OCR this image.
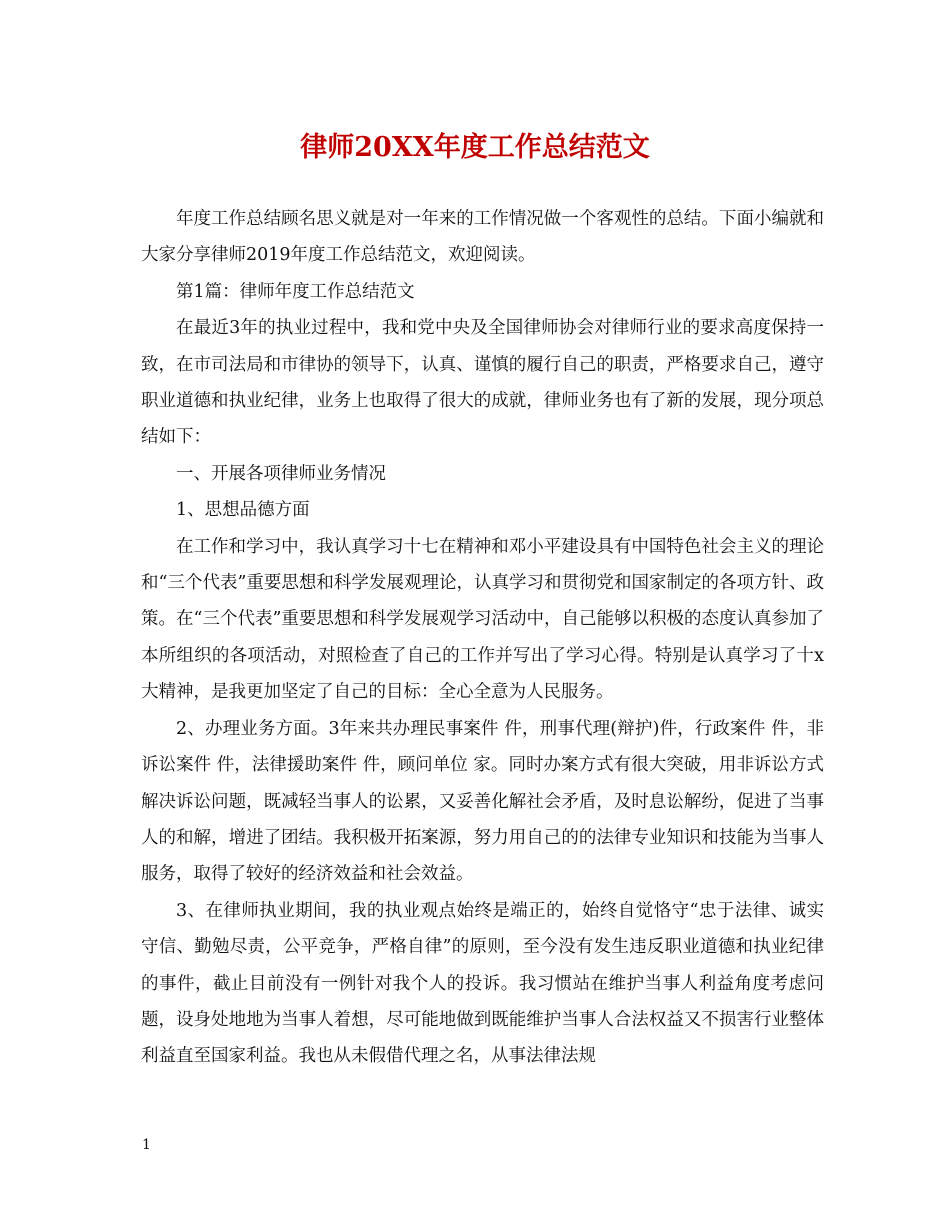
律师20XX年度工作总结范文

年度工作总结顾名思义就是对一年来的工作情况做一个客观性的总结。下面小编就和大家分享律师2019年度工作总结范文，欢迎阅读。

第1篇：律师年度工作总结范文

在最近3年的执业过程中，我和党中央及全国律师协会对律师行业的要求高度保持一致，在市司法局和市律协的领导下，认真、谨慎的履行自己的职责，严格要求自己，遵守职业道德和执业纪律，业务上也取得了很大的成就，律师业务也有了新的发展，现分项总结如下：

一、开展各项律师业务情况

1、思想品德方面

在工作和学习中，我认真学习十七在精神和邓小平建设具有中国特色社会主义的理论和“三个代表”重要思想和科学发展观理论，认真学习和贯彻党和国家制定的各项方针、政策。在“三个代表”重要思想和科学发展观学习活动中，自己能够以积极的态度认真参加了本所组织的各项活动，对照检查了自己的工作并写出了学习心得。特别是认真学习了十x大精神，是我更加坚定了自己的目标：全心全意为人民服务。

2、办理业务方面。3年来共办理民事案件 件，刑事代理(辩护)件，行政案件 件，非诉讼案件 件，法律援助案件 件，顾问单位 家。同时办案方式有很大突破，用非诉讼方式解决诉讼问题，既减轻当事人的讼累，又妥善化解社会矛盾，及时息讼解纷，促进了当事人的和解，增进了团结。我积极开拓案源，努力用自己的的法律专业知识和技能为当事人服务，取得了较好的经济效益和社会效益。

3、在律师执业期间，我的执业观点始终是端正的，始终自觉恪守“忠于法律、诚实守信、勤勉尽责，公平竞争，严格自律”的原则，至今没有发生违反职业道德和执业纪律的事件，截止目前没有一例针对我个人的投诉。我习惯站在维护当事人利益角度考虑问题，设身处地地为当事人着想，尽可能地做到既能维护当事人合法权益又不损害行业整体利益直至国家利益。我也从未假借代理之名，从事法律法规

1
